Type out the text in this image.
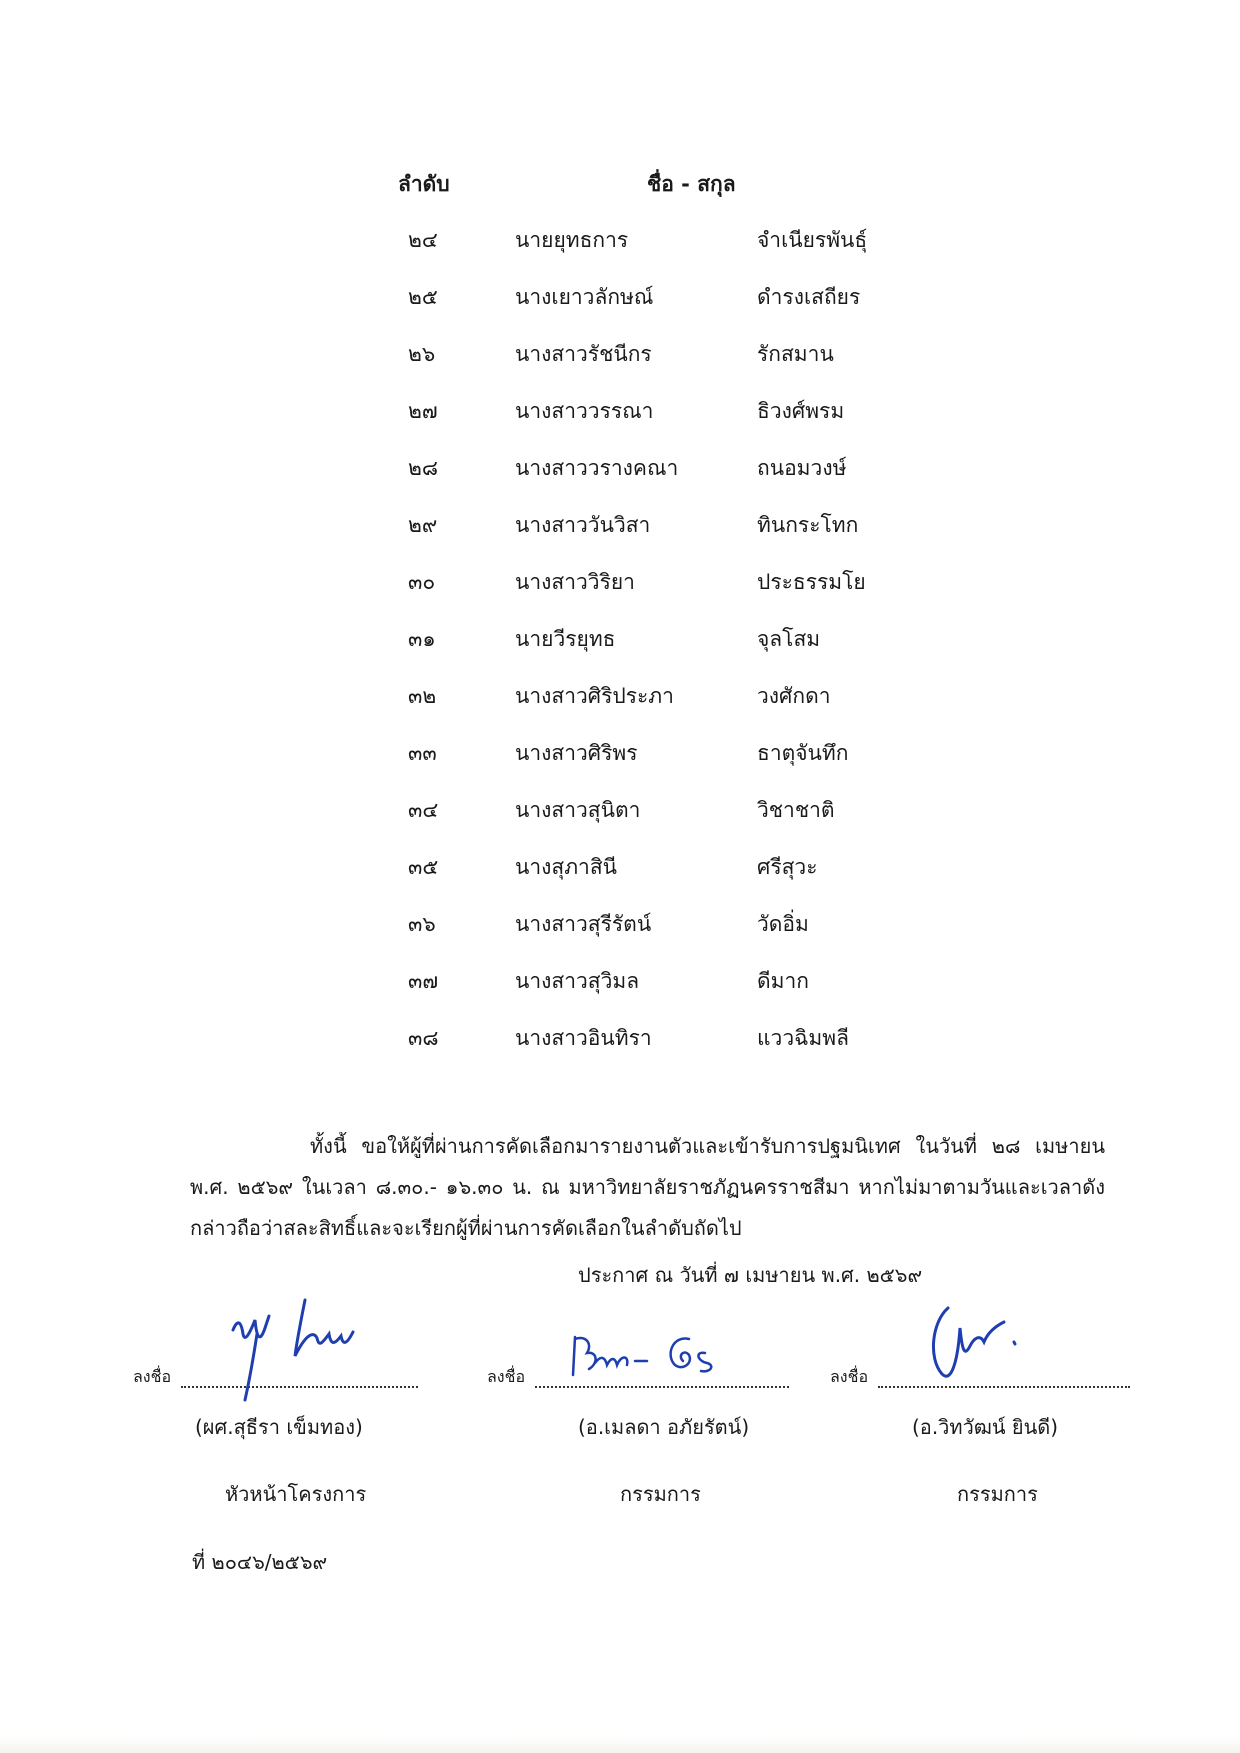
ลำดับ	ชื่อ - สกุล
๒๔	นายยุทธการ	จำเนียรพันธุ์
๒๕	นางเยาวลักษณ์	ดำรงเสถียร
๒๖	นางสาวรัชนีกร	รักสมาน
๒๗	นางสาววรรณา	ธิวงศ์พรม
๒๘	นางสาววรางคณา	ถนอมวงษ์
๒๙	นางสาววันวิสา	ทินกระโทก
๓๐	นางสาววิริยา	ประธรรมโย
๓๑	นายวีรยุทธ	จุลโสม
๓๒	นางสาวศิริประภา	วงศักดา
๓๓	นางสาวศิริพร	ธาตุจันทึก
๓๔	นางสาวสุนิตา	วิชาชาติ
๓๕	นางสุภาสินี	ศรีสุวะ
๓๖	นางสาวสุรีรัตน์	วัดอิ่ม
๓๗	นางสาวสุวิมล	ดีมาก
๓๘	นางสาวอินทิรา	แววฉิมพลี
ทั้งนี้ ขอให้ผู้ที่ผ่านการคัดเลือกมารายงานตัวและเข้ารับการปฐมนิเทศ ในวันที่ ๒๘ เมษายน พ.ศ. ๒๕๖๙ ในเวลา ๘.๓๐.- ๑๖.๓๐ น. ณ มหาวิทยาลัยราชภัฏนครราชสีมา หากไม่มาตามวันและเวลาดังกล่าวถือว่าสละสิทธิ์และจะเรียกผู้ที่ผ่านการคัดเลือกในลำดับถัดไป
ประกาศ ณ วันที่ ๗ เมษายน พ.ศ. ๒๕๖๙
ลงชื่อ
(ผศ.สุธีรา เข็มทอง)
หัวหน้าโครงการ
ลงชื่อ
(อ.เมลดา อภัยรัตน์)
กรรมการ
ลงชื่อ
(อ.วิทวัฒน์ ยินดี)
กรรมการ
ที่ ๒๐๔๖/๒๕๖๙
